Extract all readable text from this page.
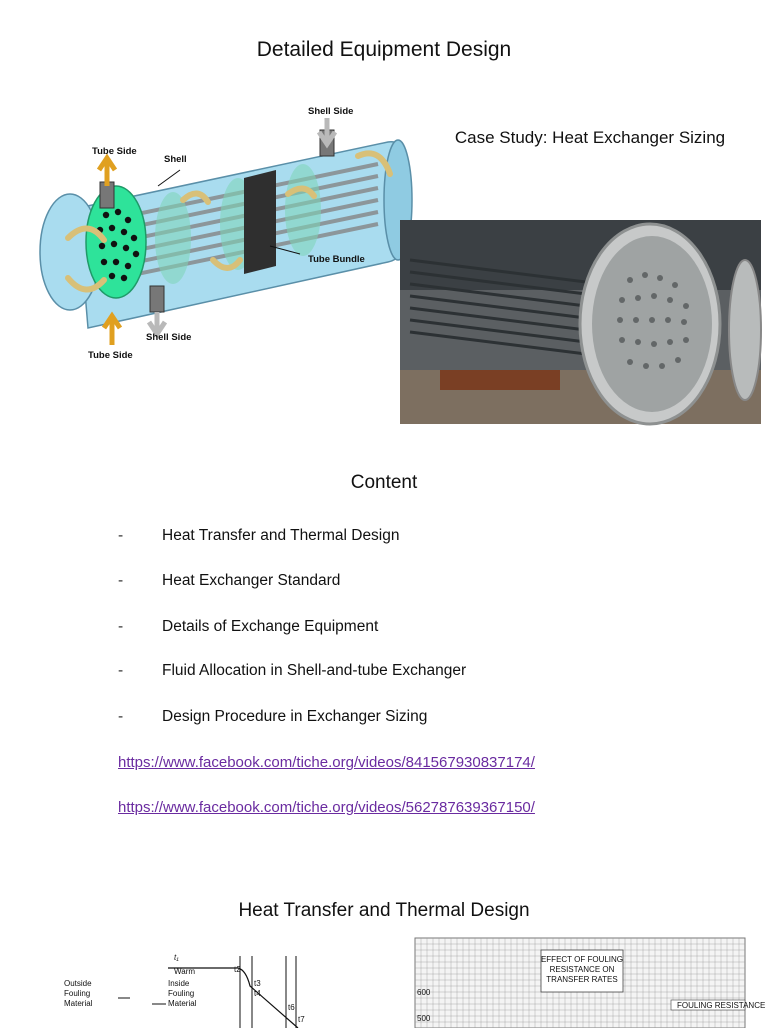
Detailed Equipment Design
Shell Side
Tube Side
Shell
Tube Bundle
Shell Side
Tube Side
Case Study: Heat Exchanger Sizing
Content
-	Heat Transfer and Thermal Design
-	Heat Exchanger Standard
-	Details of Exchange Equipment
-	Fluid Allocation in Shell-and-tube Exchanger
-	Design Procedure in Exchanger Sizing
https://www.facebook.com/tiche.org/videos/841567930837174/
https://www.facebook.com/tiche.org/videos/562787639367150/
Heat Transfer and Thermal Design
t₁
Warm
Outside
Fouling
Material
Inside
Fouling
Material
t2
t3
t4
t6
t7
EFFECT OF FOULING
RESISTANCE ON
TRANSFER RATES
FOULING RESISTANCE
600
500
